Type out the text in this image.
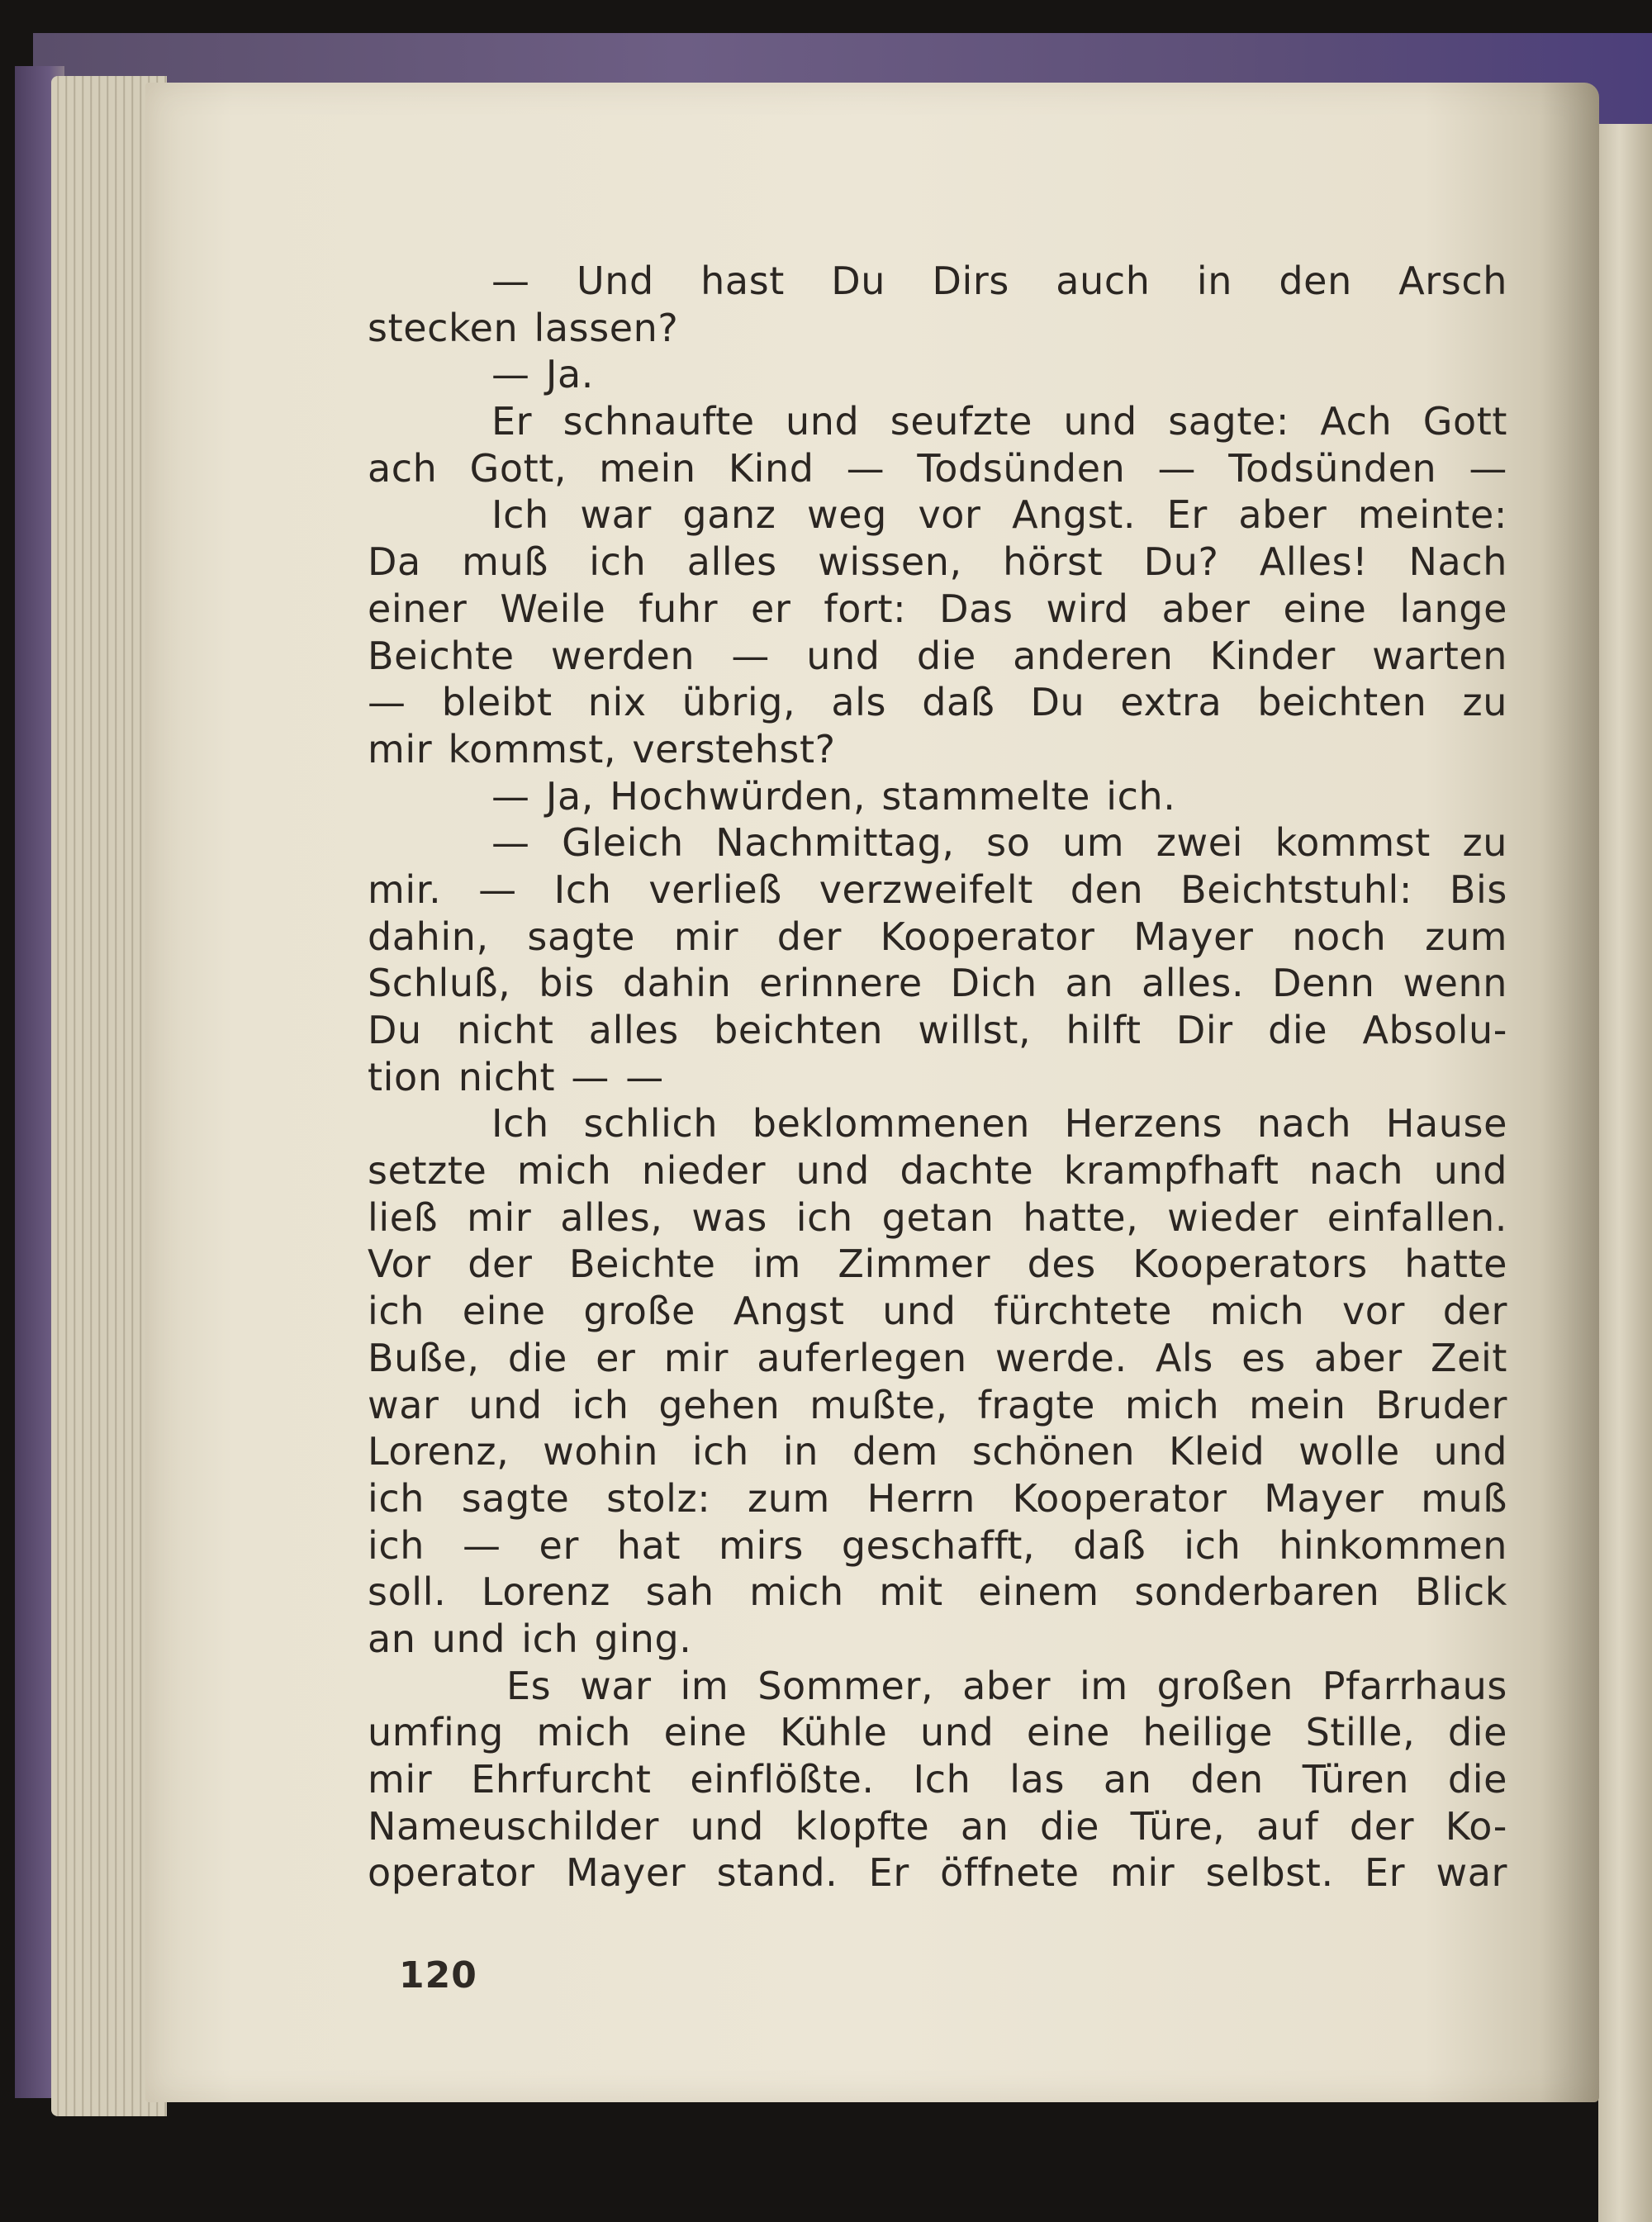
— Und hast Du Dirs auch in den Arsch
stecken lassen?
— Ja.
Er schnaufte und seufzte und sagte: Ach Gott
ach Gott, mein Kind — Todsünden — Todsünden —
Ich war ganz weg vor Angst. Er aber meinte:
Da muß ich alles wissen, hörst Du? Alles! Nach
einer Weile fuhr er fort: Das wird aber eine lange
Beichte werden — und die anderen Kinder warten
— bleibt nix übrig, als daß Du extra beichten zu
mir kommst, verstehst?
— Ja, Hochwürden, stammelte ich.
— Gleich Nachmittag, so um zwei kommst zu
mir. — Ich verließ verzweifelt den Beichtstuhl: Bis
dahin, sagte mir der Kooperator Mayer noch zum
Schluß, bis dahin erinnere Dich an alles. Denn wenn
Du nicht alles beichten willst, hilft Dir die Absolu-
tion nicht — —
Ich schlich beklommenen Herzens nach Hause
setzte mich nieder und dachte krampfhaft nach und
ließ mir alles, was ich getan hatte, wieder einfallen.
Vor der Beichte im Zimmer des Kooperators hatte
ich eine große Angst und fürchtete mich vor der
Buße, die er mir auferlegen werde. Als es aber Zeit
war und ich gehen mußte, fragte mich mein Bruder
Lorenz, wohin ich in dem schönen Kleid wolle und
ich sagte stolz: zum Herrn Kooperator Mayer muß
ich — er hat mirs geschafft, daß ich hinkommen
soll. Lorenz sah mich mit einem sonderbaren Blick
an und ich ging.
Es war im Sommer, aber im großen Pfarrhaus
umfing mich eine Kühle und eine heilige Stille, die
mir Ehrfurcht einflößte. Ich las an den Türen die
Nameuschilder und klopfte an die Türe, auf der Ko-
operator Mayer stand. Er öffnete mir selbst. Er war
120
